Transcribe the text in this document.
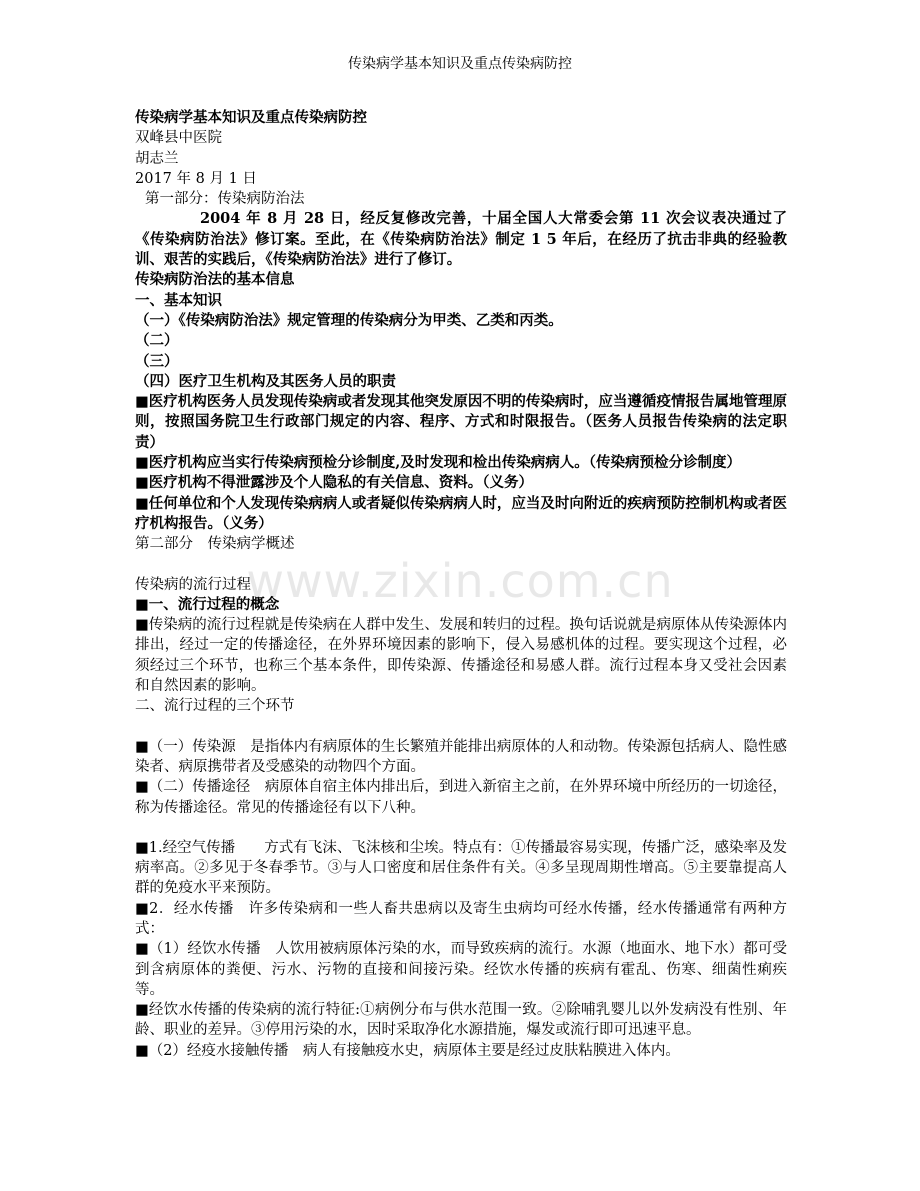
传染病学基本知识及重点传染病防控
www.zixin.com.cn

传染病学基本知识及重点传染病防控

双峰县中医院

胡志兰

2017 年 8 月 1 日

第一部分：传染病防治法

2004 年 8 月 28 日，经反复修改完善，十届全国人大常委会第 11 次会议表决通过了《传染病防治法》修订案。至此，在《传染病防治法》制定 1 5 年后，在经历了抗击非典的经验教训、艰苦的实践后，《传染病防治法》进行了修订。

传染病防治法的基本信息

一、基本知识

（一）《传染病防治法》规定管理的传染病分为甲类、乙类和丙类。

（二）

（三）

（四）医疗卫生机构及其医务人员的职责

■医疗机构医务人员发现传染病或者发现其他突发原因不明的传染病时，应当遵循疫情报告属地管理原则，按照国务院卫生行政部门规定的内容、程序、方式和时限报告。（医务人员报告传染病的法定职责）

■医疗机构应当实行传染病预检分诊制度,及时发现和检出传染病病人。（传染病预检分诊制度）

■医疗机构不得泄露涉及个人隐私的有关信息、资料。（义务）

■任何单位和个人发现传染病病人或者疑似传染病病人时，应当及时向附近的疾病预防控制机构或者医疗机构报告。（义务）

第二部分　传染病学概述

传染病的流行过程

■一、流行过程的概念

■传染病的流行过程就是传染病在人群中发生、发展和转归的过程。换句话说就是病原体从传染源体内排出，经过一定的传播途径，在外界环境因素的影响下，侵入易感机体的过程。要实现这个过程，必须经过三个环节，也称三个基本条件，即传染源、传播途径和易感人群。流行过程本身又受社会因素和自然因素的影响。

二、流行过程的三个环节

■（一）传染源　是指体内有病原体的生长繁殖并能排出病原体的人和动物。传染源包括病人、隐性感染者、病原携带者及受感染的动物四个方面。

■（二）传播途径　病原体自宿主体内排出后，到进入新宿主之前，在外界环境中所经历的一切途径，称为传播途径。常见的传播途径有以下八种。

■1.经空气传播　　方式有飞沫、飞沫核和尘埃。特点有：①传播最容易实现，传播广泛，感染率及发病率高。②多见于冬春季节。③与人口密度和居住条件有关。④多呈现周期性增高。⑤主要靠提高人群的免疫水平来预防。

■2．经水传播　许多传染病和一些人畜共患病以及寄生虫病均可经水传播，经水传播通常有两种方式：

■（1）经饮水传播　人饮用被病原体污染的水，而导致疾病的流行。水源（地面水、地下水）都可受到含病原体的粪便、污水、污物的直接和间接污染。经饮水传播的疾病有霍乱、伤寒、细菌性痢疾等。

■经饮水传播的传染病的流行特征:①病例分布与供水范围一致。②除哺乳婴儿以外发病没有性别、年龄、职业的差异。③停用污染的水，因时采取净化水源措施，爆发或流行即可迅速平息。

■（2）经疫水接触传播　病人有接触疫水史，病原体主要是经过皮肤粘膜进入体内。
